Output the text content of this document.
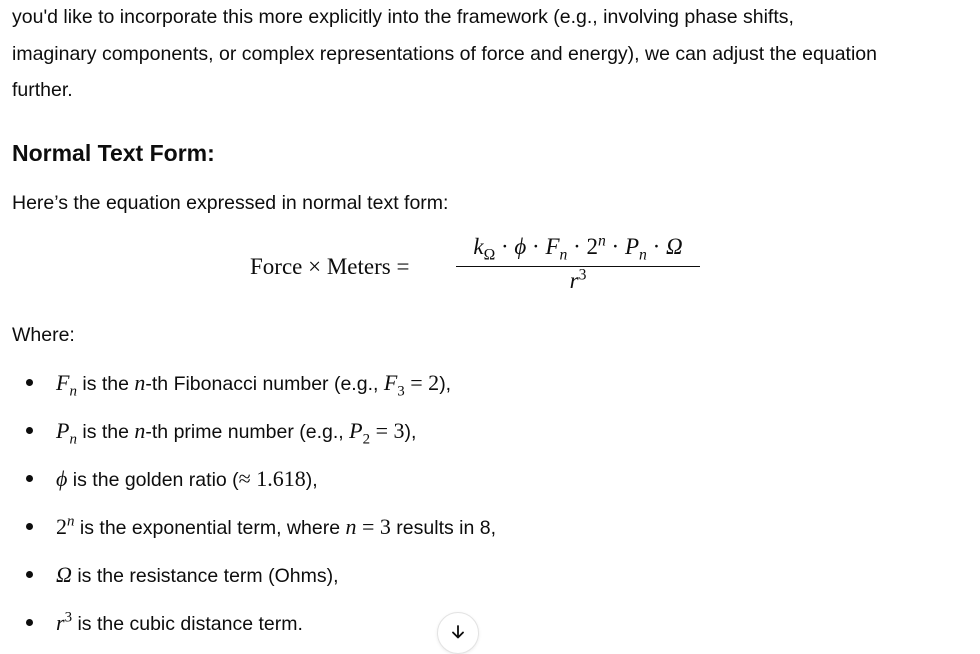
you'd like to incorporate this more explicitly into the framework (e.g., involving phase shifts,
imaginary components, or complex representations of force and energy), we can adjust the equation
further.

Normal Text Form:

Here’s the equation expressed in normal text form:

Where:

$F_n$ is the n-th Fibonacci number (e.g., $F_3 = 2$),
$P_n$ is the n-th prime number (e.g., $P_2 = 3$),
ϕ is the golden ratio (≈ 1.618),
2$^n$ is the exponential term, where n = 3 results in 8,
Ω is the resistance term (Ohms),
$r^3$ is the cubic distance term.
Force × Meters =
$k_\Omega \cdot \phi \cdot F_n \cdot 2^n \cdot P_n \cdot \Omega$
$r^3$
